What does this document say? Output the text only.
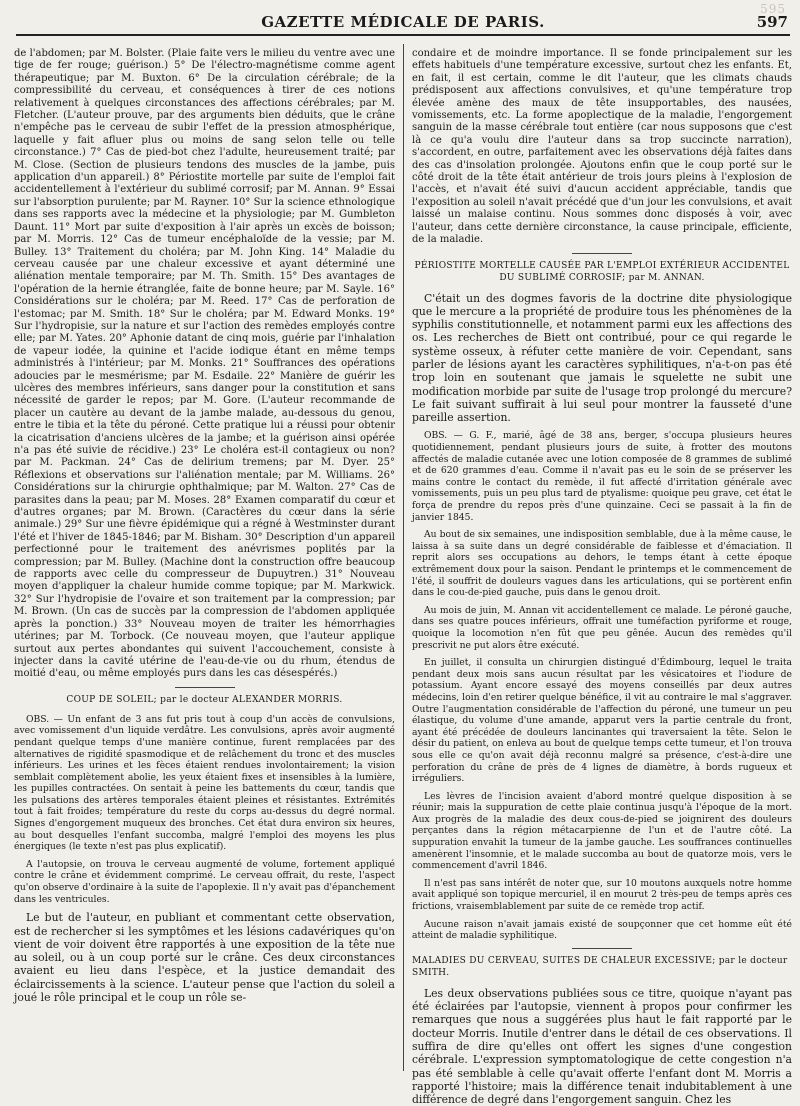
595
GAZETTE MÉDICALE DE PARIS.	597

de l'abdomen; par M. Bolster. (Plaie faite vers le milieu du ventre avec une tige de fer rouge; guérison.) 5° De l'électro-magnétisme comme agent thérapeutique; par M. Buxton. 6° De la circulation cérébrale; de la compressibilité du cerveau, et conséquences à tirer de ces notions relativement à quelques circonstances des affections cérébrales; par M. Fletcher. (L'auteur prouve, par des arguments bien déduits, que le crâne n'empêche pas le cerveau de subir l'effet de la pression atmosphérique, laquelle y fait afluer plus ou moins de sang selon telle ou telle circonstance.) 7° Cas de pied-bot chez l'adulte, heureusement traité; par M. Close. (Section de plusieurs tendons des muscles de la jambe, puis application d'un appareil.) 8° Périostite mortelle par suite de l'emploi fait accidentellement à l'extérieur du sublimé corrosif; par M. Annan. 9° Essai sur l'absorption purulente; par M. Rayner. 10° Sur la science ethnologique dans ses rapports avec la médecine et la physiologie; par M. Gumbleton Daunt. 11° Mort par suite d'exposition à l'air après un excès de boisson; par M. Morris. 12° Cas de tumeur encéphaloïde de la vessie; par M. Bulley. 13° Traitement du choléra; par M. John King. 14° Maladie du cerveau causée par une chaleur excessive et ayant déterminé une aliénation mentale temporaire; par M. Th. Smith. 15° Des avantages de l'opération de la hernie étranglée, faite de bonne heure; par M. Sayle. 16° Considérations sur le choléra; par M. Reed. 17° Cas de perforation de l'estomac; par M. Smith. 18° Sur le choléra; par M. Edward Monks. 19° Sur l'hydropisie, sur la nature et sur l'action des remèdes employés contre elle; par M. Yates. 20° Aphonie datant de cinq mois, guérie par l'inhalation de vapeur iodée, la quinine et l'acide iodique étant en même temps administrés à l'intérieur; par M. Monks. 21° Souffrances des opérations adoucies par le mesmérisme; par M. Esdaile. 22° Manière de guérir les ulcères des membres inférieurs, sans danger pour la constitution et sans nécessité de garder le repos; par M. Gore. (L'auteur recommande de placer un cautère au devant de la jambe malade, au-dessous du genou, entre le tibia et la tête du péroné. Cette pratique lui a réussi pour obtenir la cicatrisation d'anciens ulcères de la jambe; et la guérison ainsi opérée n'a pas été suivie de récidive.) 23° Le choléra est-il contagieux ou non? par M. Packman. 24° Cas de delirium tremens; par M. Dyer. 25° Réflexions et observations sur l'aliénation mentale; par M. Williams. 26° Considérations sur la chirurgie ophthalmique; par M. Walton. 27° Cas de parasites dans la peau; par M. Moses. 28° Examen comparatif du cœur et d'autres organes; par M. Brown. (Caractères du cœur dans la série animale.) 29° Sur une fièvre épidémique qui a régné à Westminster durant l'été et l'hiver de 1845-1846; par M. Bisham. 30° Description d'un appareil perfectionné pour le traitement des anévrismes poplités par la compression; par M. Bulley. (Machine dont la construction offre beaucoup de rapports avec celle du compresseur de Dupuytren.) 31° Nouveau moyen d'appliquer la chaleur humide comme topique; par M. Markwick. 32° Sur l'hydropisie de l'ovaire et son traitement par la compression; par M. Brown. (Un cas de succès par la compression de l'abdomen appliquée après la ponction.) 33° Nouveau moyen de traiter les hémorrhagies utérines; par M. Torbock. (Ce nouveau moyen, que l'auteur applique surtout aux pertes abondantes qui suivent l'accouchement, consiste à injecter dans la cavité utérine de l'eau-de-vie ou du rhum, étendus de moitié d'eau, ou même employés purs dans les cas désespérés.)

COUP DE SOLEIL; par le docteur ALEXANDER MORRIS.

OBS. — Un enfant de 3 ans fut pris tout à coup d'un accès de convulsions, avec vomissement d'un liquide verdâtre. Les convulsions, après avoir augmenté pendant quelque temps d'une manière continue, furent remplacées par des alternatives de rigidité spasmodique et de relâchement du tronc et des muscles inférieurs. Les urines et les fèces étaient rendues involontairement; la vision semblait complètement abolie, les yeux étaient fixes et insensibles à la lumière, les pupilles contractées. On sentait à peine les battements du cœur, tandis que les pulsations des artères temporales étaient pleines et résistantes. Extrémités tout à fait froides; température du reste du corps au-dessus du degré normal. Signes d'engorgement muqueux des bronches. Cet état dura environ six heures, au bout desquelles l'enfant succomba, malgré l'emploi des moyens les plus énergiques (le texte n'est pas plus explicatif).

A l'autopsie, on trouva le cerveau augmenté de volume, fortement appliqué contre le crâne et évidemment comprimé. Le cerveau offrait, du reste, l'aspect qu'on observe d'ordinaire à la suite de l'apoplexie. Il n'y avait pas d'épanchement dans les ventricules.

Le but de l'auteur, en publiant et commentant cette observation, est de rechercher si les symptômes et les lésions cadavériques qu'on vient de voir doivent être rapportés à une exposition de la tête nue au soleil, ou à un coup porté sur le crâne. Ces deux circonstances avaient eu lieu dans l'espèce, et la justice demandait des éclaircissements à la science. L'auteur pense que l'action du soleil a joué le rôle principal et le coup un rôle se-

condaire et de moindre importance. Il se fonde principalement sur les effets habituels d'une température excessive, surtout chez les enfants. Et, en fait, il est certain, comme le dit l'auteur, que les climats chauds prédisposent aux affections convulsives, et qu'une température trop élevée amène des maux de tête insupportables, des nausées, vomissements, etc. La forme apoplectique de la maladie, l'engorgement sanguin de la masse cérébrale tout entière (car nous supposons que c'est là ce qu'a voulu dire l'auteur dans sa trop succincte narration), s'accordent, en outre, parfaitement avec les observations déjà faites dans des cas d'insolation prolongée. Ajoutons enfin que le coup porté sur le côté droit de la tête était antérieur de trois jours pleins à l'explosion de l'accès, et n'avait été suivi d'aucun accident appréciable, tandis que l'exposition au soleil n'avait précédé que d'un jour les convulsions, et avait laissé un malaise continu. Nous sommes donc disposés à voir, avec l'auteur, dans cette dernière circonstance, la cause principale, efficiente, de la maladie.

PÉRIOSTITE MORTELLE CAUSÉE PAR L'EMPLOI EXTÉRIEUR ACCIDENTEL DU SUBLIMÉ CORROSIF; par M. ANNAN.

C'était un des dogmes favoris de la doctrine dite physiologique que le mercure a la propriété de produire tous les phénomènes de la syphilis constitutionnelle, et notamment parmi eux les affections des os. Les recherches de Biett ont contribué, pour ce qui regarde le système osseux, à réfuter cette manière de voir. Cependant, sans parler de lésions ayant les caractères syphilitiques, n'a-t-on pas été trop loin en soutenant que jamais le squelette ne subit une modification morbide par suite de l'usage trop prolongé du mercure? Le fait suivant suffirait à lui seul pour montrer la fausseté d'une pareille assertion.

OBS. — G. F., marié, âgé de 38 ans, berger, s'occupa plusieurs heures quotidiennement, pendant plusieurs jours de suite, à frotter des moutons affectés de maladie cutanée avec une lotion composée de 8 grammes de sublimé et de 620 grammes d'eau. Comme il n'avait pas eu le soin de se préserver les mains contre le contact du remède, il fut affecté d'irritation générale avec vomissements, puis un peu plus tard de ptyalisme: quoique peu grave, cet état le força de prendre du repos près d'une quinzaine. Ceci se passait à la fin de janvier 1845.

Au bout de six semaines, une indisposition semblable, due à la même cause, le laissa à sa suite dans un degré considérable de faiblesse et d'émaciation. Il reprit alors ses occupations au dehors, le temps étant à cette époque extrêmement doux pour la saison. Pendant le printemps et le commencement de l'été, il souffrit de douleurs vagues dans les articulations, qui se portèrent enfin dans le cou-de-pied gauche, puis dans le genou droit.

Au mois de juin, M. Annan vit accidentellement ce malade. Le péroné gauche, dans ses quatre pouces inférieurs, offrait une tuméfaction pyriforme et rouge, quoique la locomotion n'en fût que peu gênée. Aucun des remèdes qu'il prescrivit ne put alors être exécuté.

En juillet, il consulta un chirurgien distingué d'Édimbourg, lequel le traita pendant deux mois sans aucun résultat par les vésicatoires et l'iodure de potassium. Ayant encore essayé des moyens conseillés par deux autres médecins, loin d'en retirer quelque bénéfice, il vit au contraire le mal s'aggraver. Outre l'augmentation considérable de l'affection du péroné, une tumeur un peu élastique, du volume d'une amande, apparut vers la partie centrale du front, ayant été précédée de douleurs lancinantes qui traversaient la tête. Selon le désir du patient, on enleva au bout de quelque temps cette tumeur, et l'on trouva sous elle ce qu'on avait déjà reconnu malgré sa présence, c'est-à-dire une perforation du crâne de près de 4 lignes de diamètre, à bords rugueux et irréguliers.

Les lèvres de l'incision avaient d'abord montré quelque disposition à se réunir; mais la suppuration de cette plaie continua jusqu'à l'époque de la mort. Aux progrès de la maladie des deux cous-de-pied se joignirent des douleurs perçantes dans la région métacarpienne de l'un et de l'autre côté. La suppuration envahit la tumeur de la jambe gauche. Les souffrances continuelles amenèrent l'insomnie, et le malade succomba au bout de quatorze mois, vers le commencement d'avril 1846.

Il n'est pas sans intérêt de noter que, sur 10 moutons auxquels notre homme avait appliqué son topique mercuriel, il en mourut 2 très-peu de temps après ces frictions, vraisemblablement par suite de ce remède trop actif.

Aucune raison n'avait jamais existé de soupçonner que cet homme eût été atteint de maladie syphilitique.

MALADIES DU CERVEAU, SUITES DE CHALEUR EXCESSIVE; par le docteur SMITH.

Les deux observations publiées sous ce titre, quoique n'ayant pas été éclairées par l'autopsie, viennent à propos pour confirmer les remarques que nous a suggérées plus haut le fait rapporté par le docteur Morris. Inutile d'entrer dans le détail de ces observations. Il suffira de dire qu'elles ont offert les signes d'une congestion cérébrale. L'expression symptomatologique de cette congestion n'a pas été semblable à celle qu'avait offerte l'enfant dont M. Morris a rapporté l'histoire; mais la différence tenait indubitablement à une différence de degré dans l'engorgement sanguin. Chez les
